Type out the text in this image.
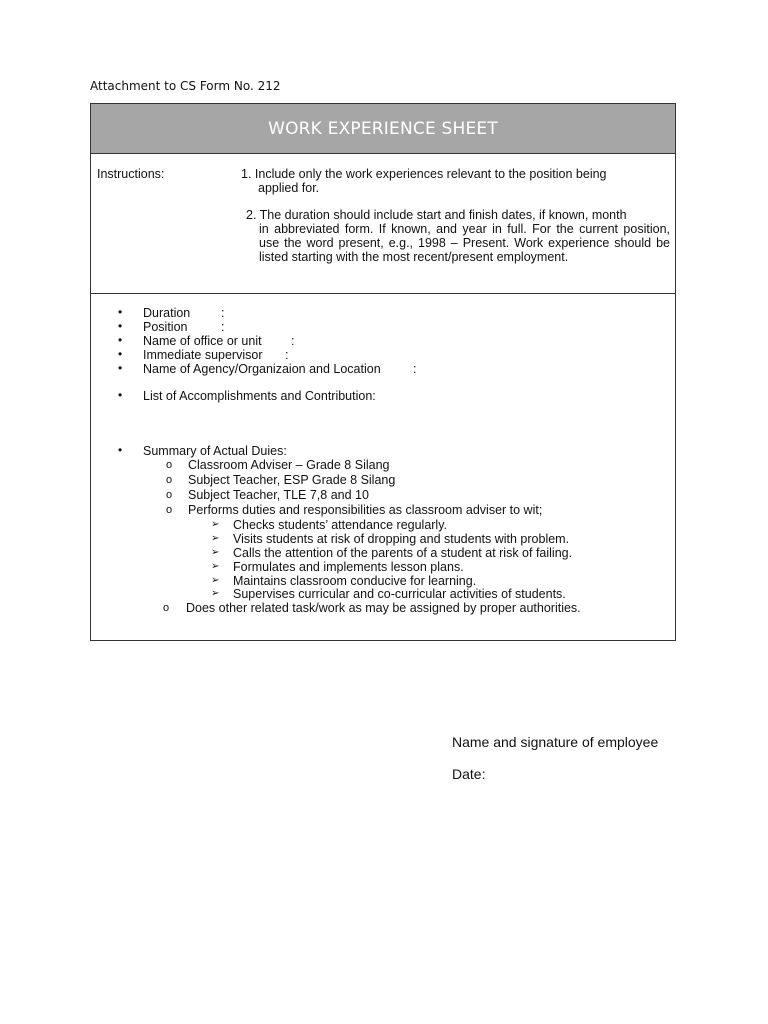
Attachment to CS Form No. 212
WORK EXPERIENCE SHEET
Instructions:	1. Include only the work experiences relevant to the position being
applied for.
2. The duration should include start and finish dates, if known, month
in abbreviated form. If known, and year in full. For the current position, use the word present, e.g., 1998 – Present. Work experience should be listed starting with the most recent/present employment.
• Duration :
• Position	:
• Name of office or unit :
• Immediate supervisor :
• Name of Agency/Organizaion and Location	:
• List of Accomplishments and Contribution:
• Summary of Actual Duies:
o Classroom Adviser – Grade 8 Silang
o Subject Teacher, ESP Grade 8 Silang
o Subject Teacher, TLE 7,8 and 10
o Performs duties and responsibilities as classroom adviser to wit;
➢ Checks students’ attendance regularly.
➢ Visits students at risk of dropping and students with problem.
➢ Calls the attention of the parents of a student at risk of failing.
➢ Formulates and implements lesson plans.
➢ Maintains classroom conducive for learning.
➢ Supervises curricular and co-curricular activities of students.
o Does other related task/work as may be assigned by proper authorities.
Name and signature of employee
Date:
